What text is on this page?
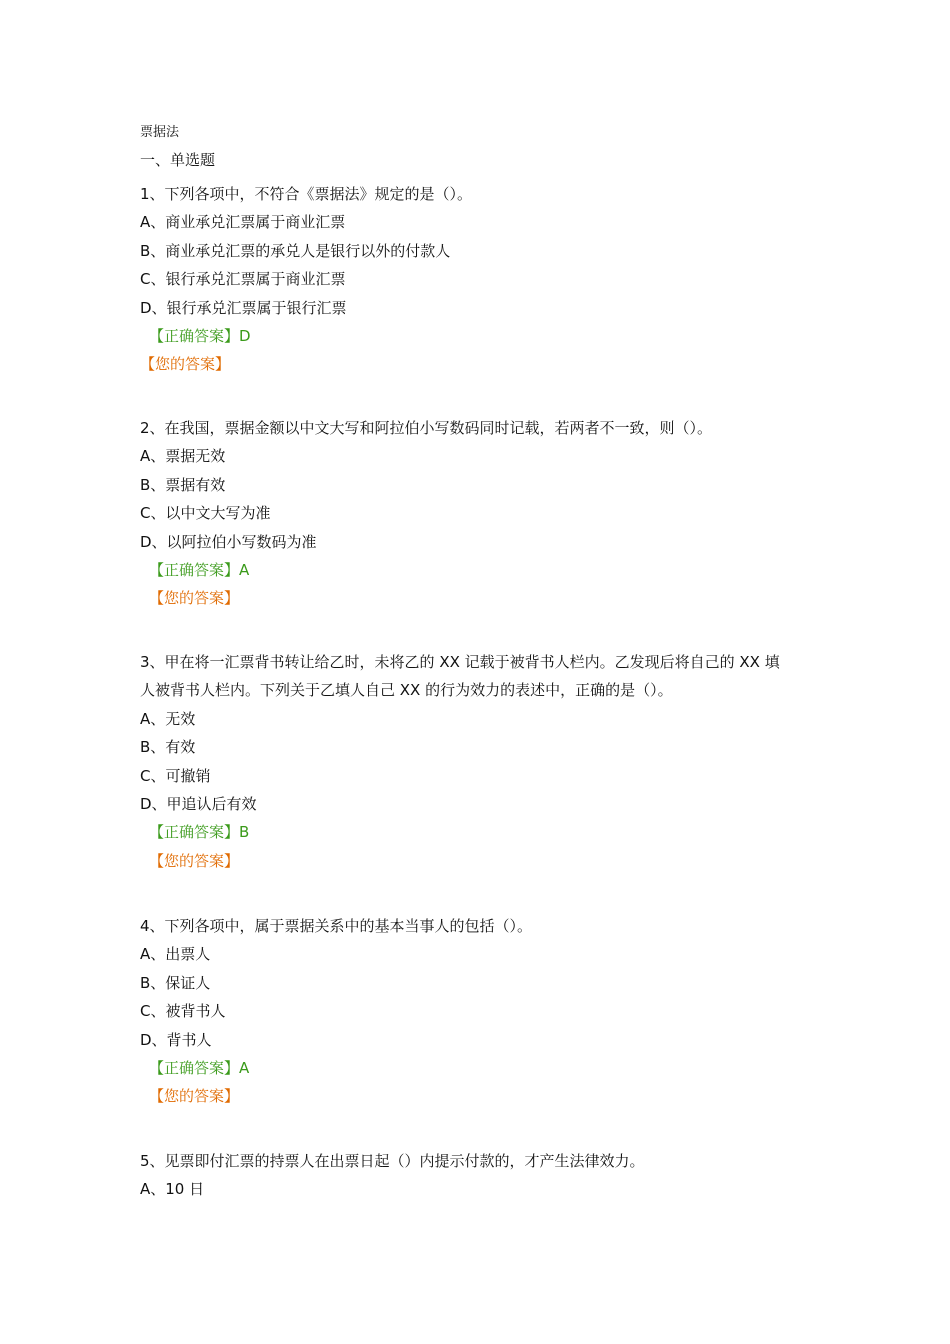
票据法
一、单选题
1、下列各项中，不符合《票据法》规定的是（）。
A、商业承兑汇票属于商业汇票
B、商业承兑汇票的承兑人是银行以外的付款人
C、银行承兑汇票属于商业汇票
D、银行承兑汇票属于银行汇票
【正确答案】D
【您的答案】
2、在我国，票据金额以中文大写和阿拉伯小写数码同时记载，若两者不一致，则（）。
A、票据无效
B、票据有效
C、以中文大写为准
D、以阿拉伯小写数码为准
【正确答案】A
【您的答案】
3、甲在将一汇票背书转让给乙时，未将乙的 XX 记载于被背书人栏内。乙发现后将自己的 XX 填
人被背书人栏内。下列关于乙填人自己 XX 的行为效力的表述中，正确的是（）。
A、无效
B、有效
C、可撤销
D、甲追认后有效
【正确答案】B
【您的答案】
4、下列各项中，属于票据关系中的基本当事人的包括（）。
A、出票人
B、保证人
C、被背书人
D、背书人
【正确答案】A
【您的答案】
5、见票即付汇票的持票人在出票日起（）内提示付款的，才产生法律效力。
A、10 日
